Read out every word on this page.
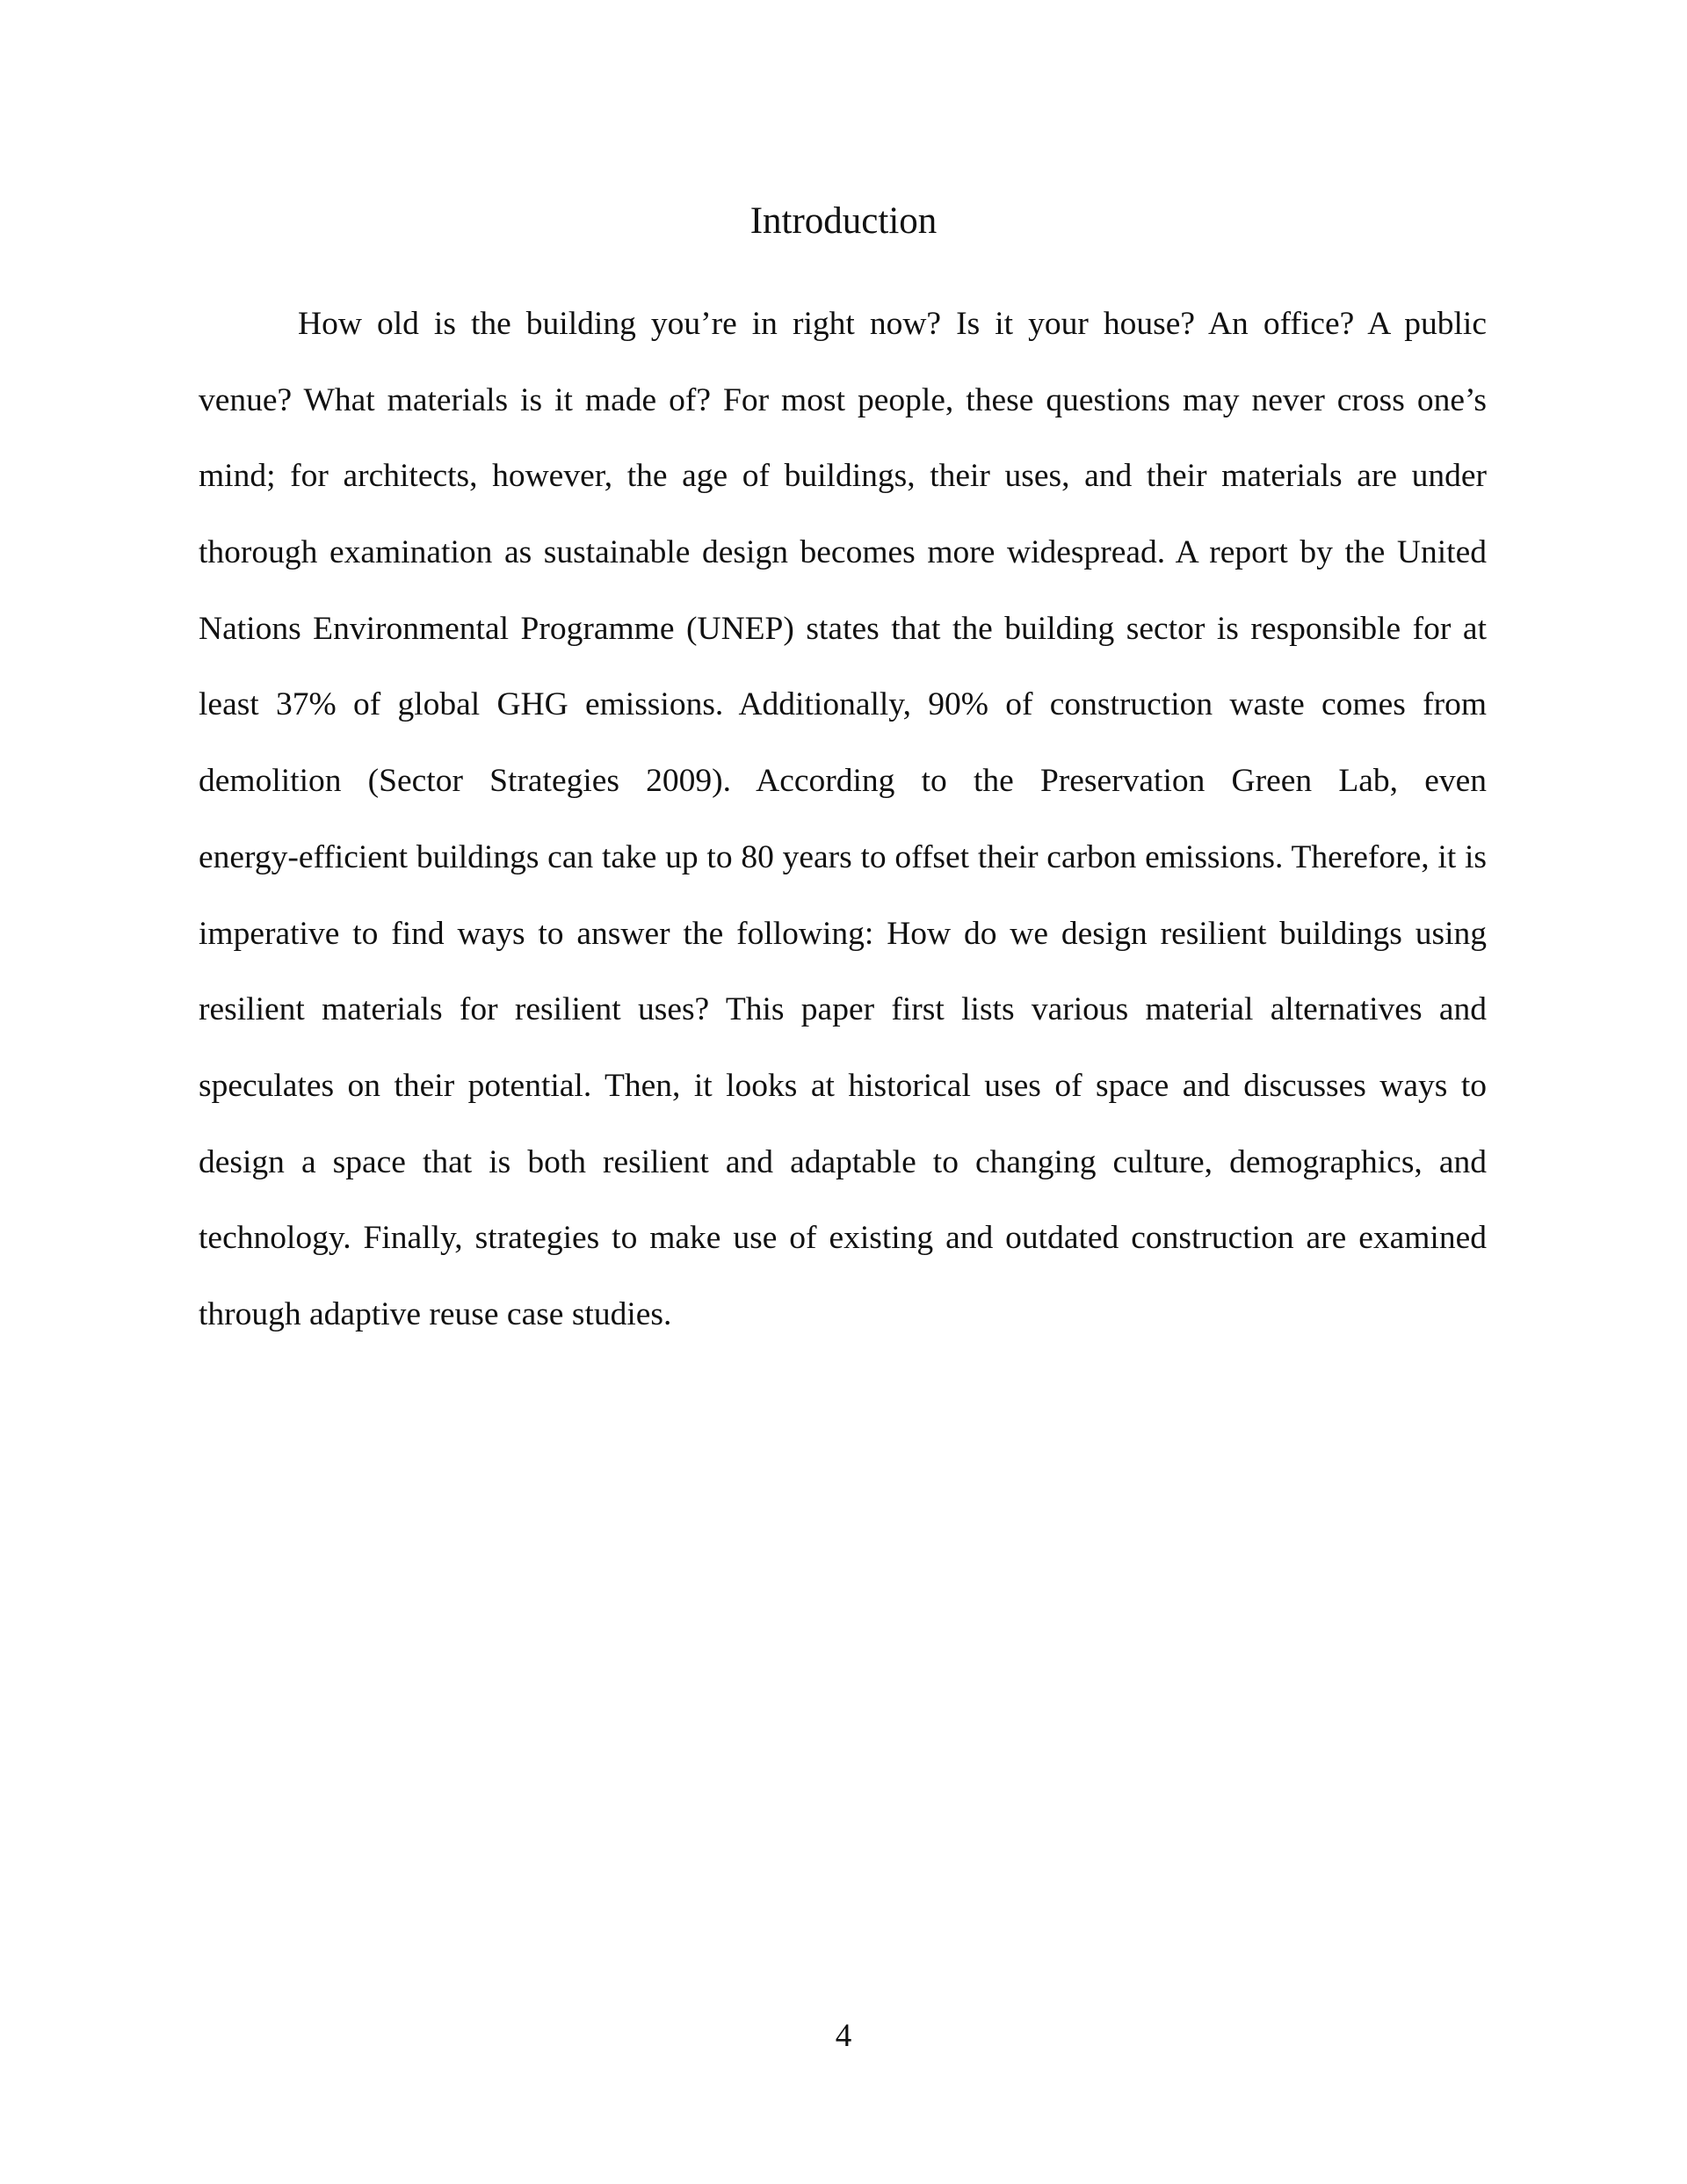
Introduction
How old is the building you’re in right now? Is it your house? An office? A public
venue? What materials is it made of? For most people, these questions may never cross one’s
mind; for architects, however, the age of buildings, their uses, and their materials are under
thorough examination as sustainable design becomes more widespread. A report by the United
Nations Environmental Programme (UNEP) states that the building sector is responsible for at
least 37% of global GHG emissions. Additionally, 90% of construction waste comes from
demolition (Sector Strategies 2009). According to the Preservation Green Lab, even
energy-efficient buildings can take up to 80 years to offset their carbon emissions. Therefore, it is
imperative to find ways to answer the following: How do we design resilient buildings using
resilient materials for resilient uses? This paper first lists various material alternatives and
speculates on their potential. Then, it looks at historical uses of space and discusses ways to
design a space that is both resilient and adaptable to changing culture, demographics, and
technology. Finally, strategies to make use of existing and outdated construction are examined
through adaptive reuse case studies.
4
